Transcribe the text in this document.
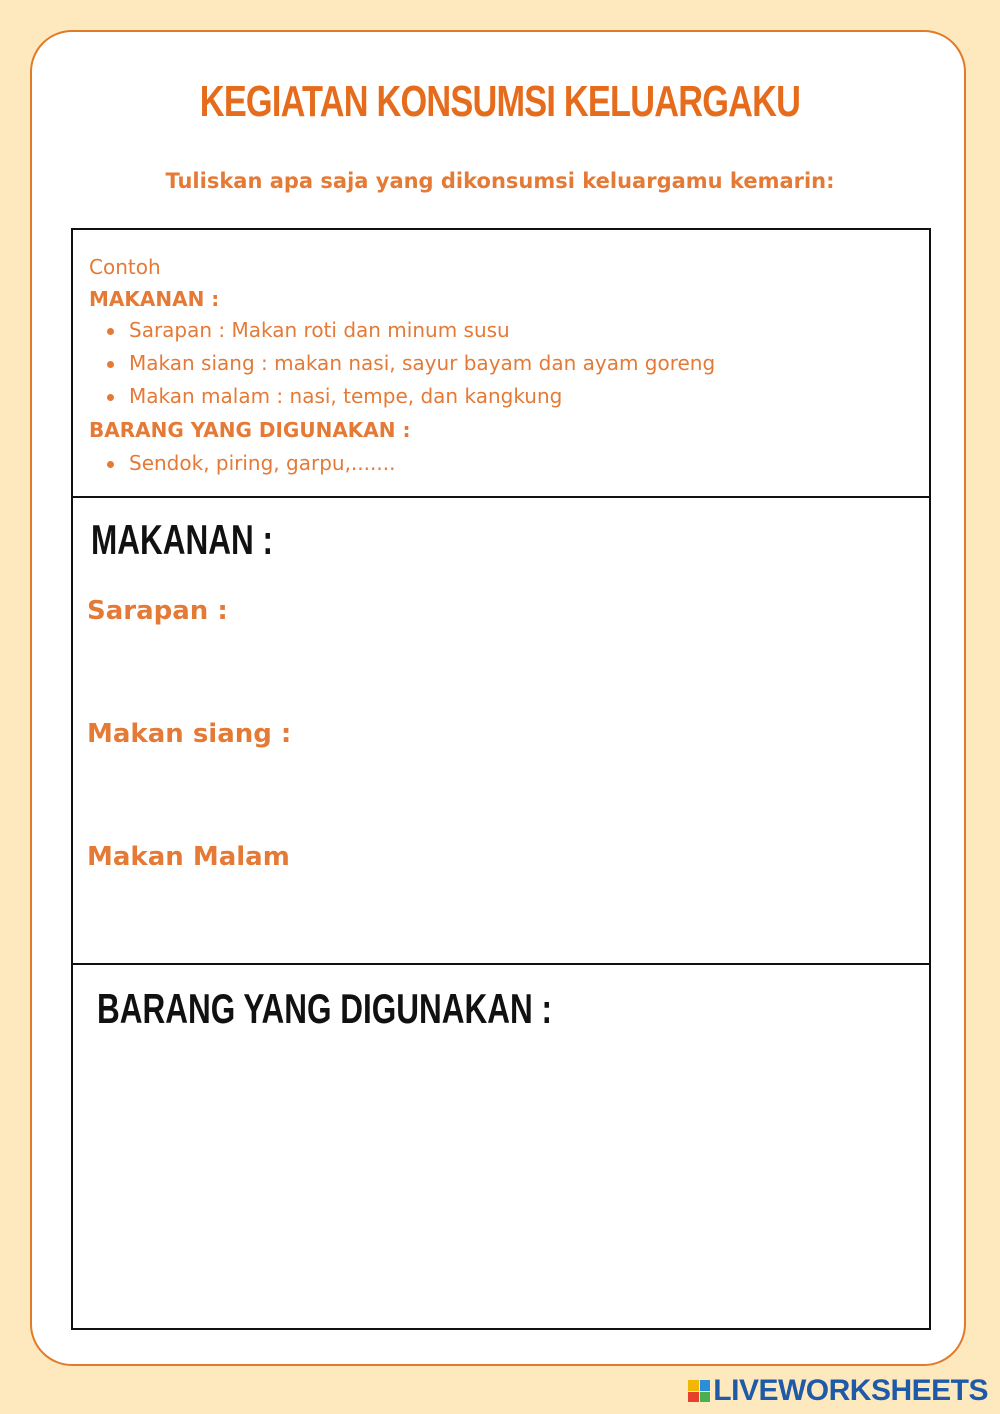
KEGIATAN KONSUMSI KELUARGAKU
Tuliskan apa saja yang dikonsumsi keluargamu kemarin:
Contoh
MAKANAN :
Sarapan : Makan roti dan minum susu
Makan siang : makan nasi, sayur bayam dan ayam goreng
Makan malam : nasi, tempe, dan kangkung
BARANG YANG DIGUNAKAN :
Sendok, piring, garpu,.......
MAKANAN :
Sarapan :
Makan siang :
Makan Malam
BARANG YANG DIGUNAKAN :
LIVEWORKSHEETS
